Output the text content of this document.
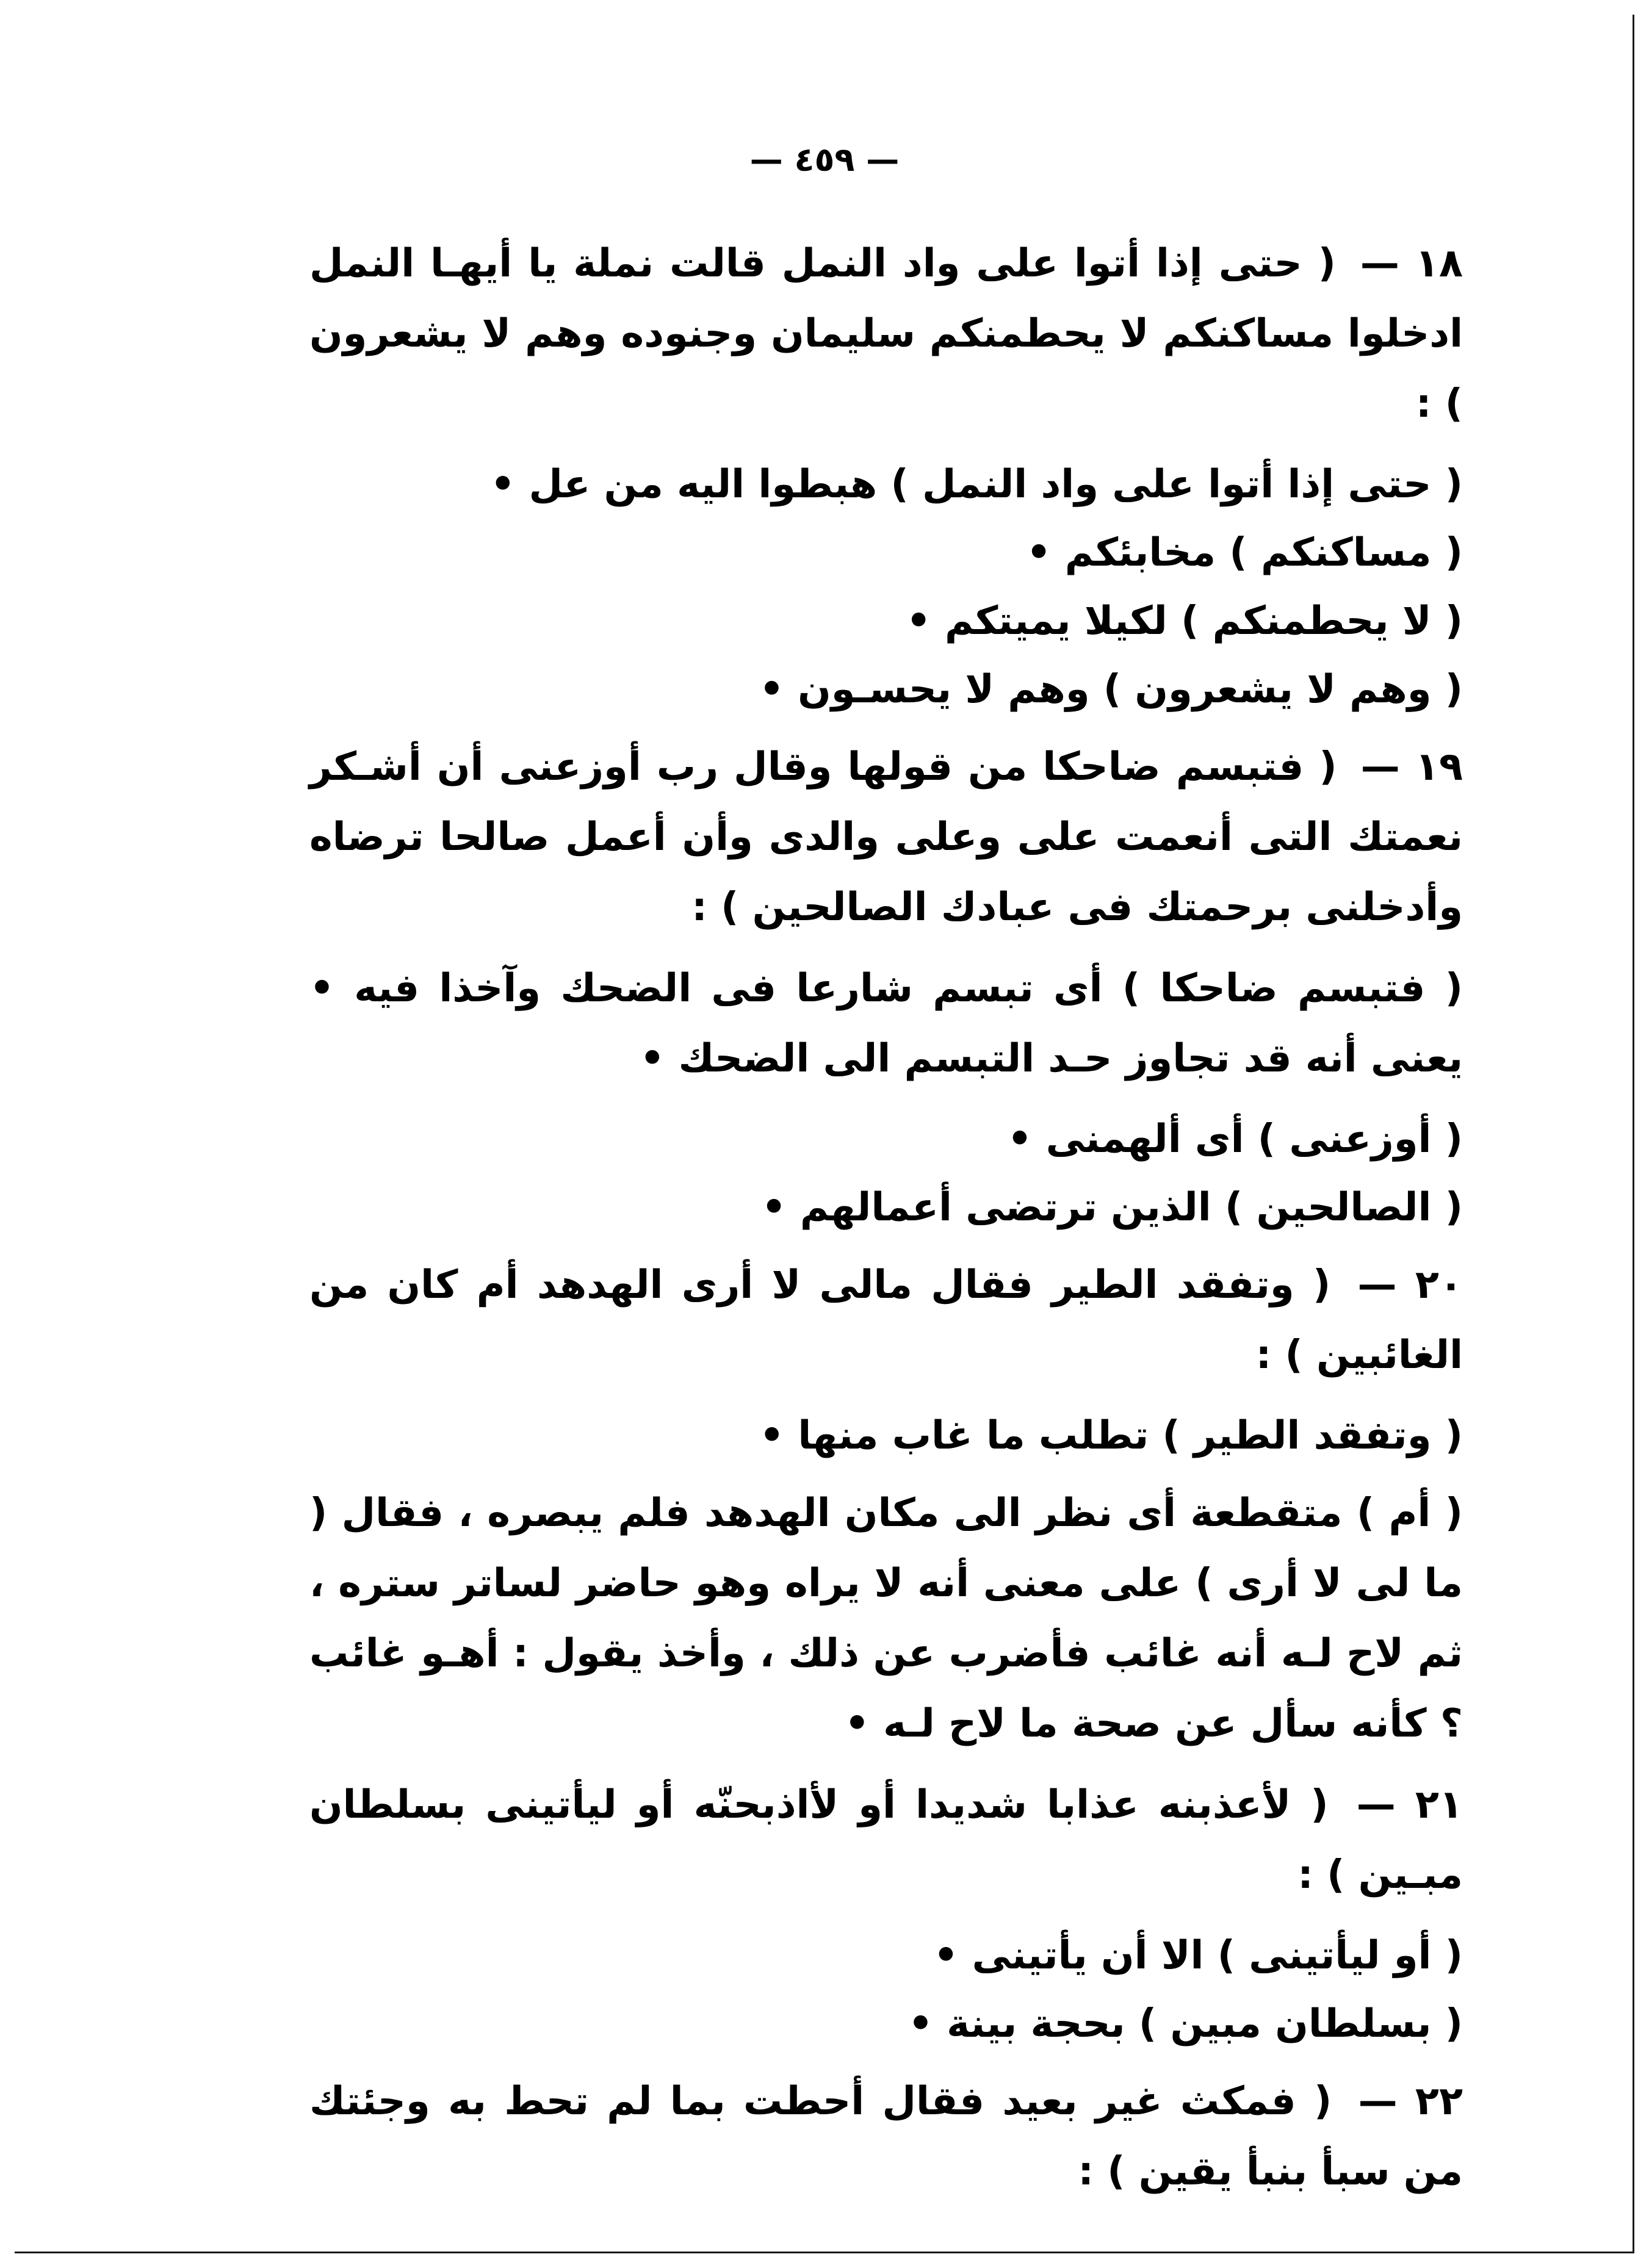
— ٤٥٩ —

١٨ — ( حتى إذا أتوا على واد النمل قالت نملة يا أيهـا النمل ادخلوا مساكنكم لا يحطمنكم سليمان وجنوده وهم لا يشعرون ) :

( حتى إذا أتوا على واد النمل ) هبطوا اليه من عل •

( مساكنكم ) مخابئكم •

( لا يحطمنكم ) لكيلا يميتكم •

( وهم لا يشعرون ) وهم لا يحسـون •

١٩ — ( فتبسم ضاحكا من قولها وقال رب أوزعنى أن أشـكر نعمتك التى أنعمت على وعلى والدى وأن أعمل صالحا ترضاه وأدخلنى برحمتك فى عبادك الصالحين ) :

( فتبسم ضاحكا ) أى تبسم شارعا فى الضحك وآخذا فيه • يعنى أنه قد تجاوز حـد التبسم الى الضحك •

( أوزعنى ) أى ألهمنى •

( الصالحين ) الذين ترتضى أعمالهم •

٢٠ — ( وتفقد الطير فقال مالى لا أرى الهدهد أم كان من الغائبين ) :

( وتفقد الطير ) تطلب ما غاب منها •

( أم ) متقطعة أى نظر الى مكان الهدهد فلم يبصره ، فقال ( ما لى لا أرى ) على معنى أنه لا يراه وهو حاضر لساتر ستره ، ثم لاح لـه أنه غائب فأضرب عن ذلك ، وأخذ يقول : أهـو غائب ؟ كأنه سأل عن صحة ما لاح لـه •

٢١ — ( لأعذبنه عذابا شديدا أو لأاذبحنّه أو ليأتينى بسلطان مبـين ) :

( أو ليأتينى ) الا أن يأتينى •

( بسلطان مبين ) بحجة بينة •

٢٢ — ( فمكث غير بعيد فقال أحطت بما لم تحط به وجئتك من سبأ بنبأ يقين ) :
